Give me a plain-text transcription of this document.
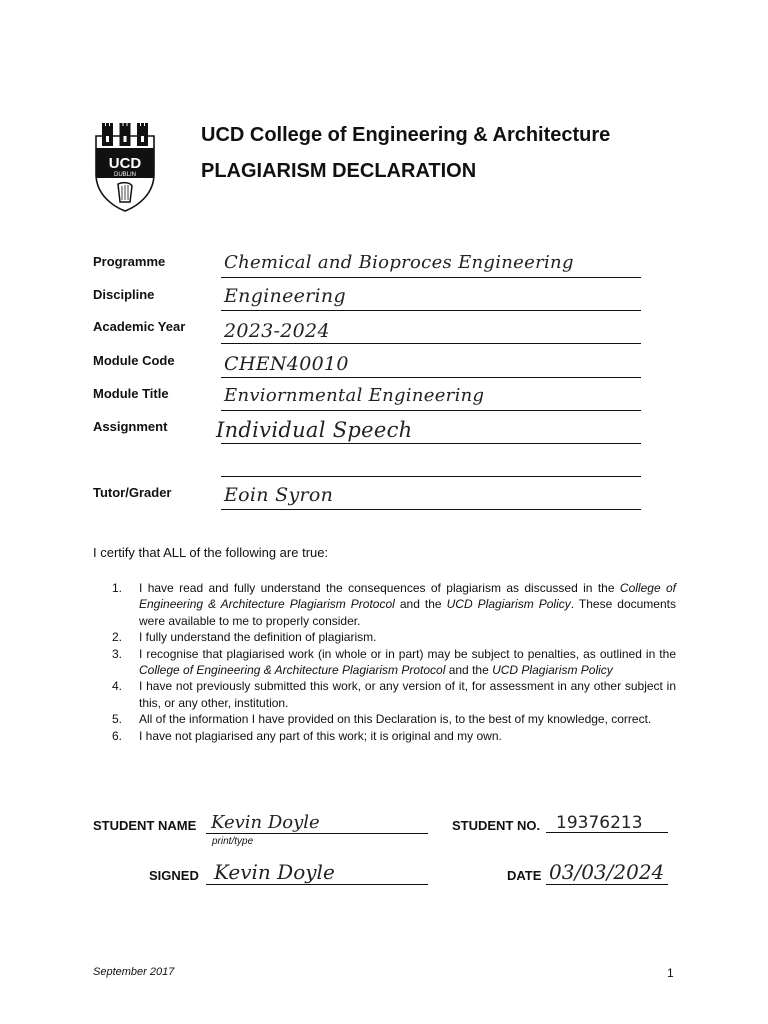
UCD
DUBLIN
UCD College of Engineering & Architecture
PLAGIARISM DECLARATION
Programme	Chemical and Bioproces Engineering
Discipline	Engineering
Academic Year 2023-2024
Module Code	CHEN40010
Module Title	Enviornmental Engineering
Assignment Individual Speech
Tutor/Grader	Eoin Syron
I certify that ALL of the following are true:
1.	I have read and fully understand the consequences of plagiarism as discussed in the College of Engineering & Architecture Plagiarism Protocol and the UCD Plagiarism Policy. These documents were available to me to properly consider.
2.	I fully understand the definition of plagiarism.
3.	I recognise that plagiarised work (in whole or in part) may be subject to penalties, as outlined in the College of Engineering & Architecture Plagiarism Protocol and the UCD Plagiarism Policy
4.	I have not previously submitted this work, or any version of it, for assessment in any other subject in this, or any other, institution.
5.	All of the information I have provided on this Declaration is, to the best of my knowledge, correct.
6.	I have not plagiarised any part of this work; it is original and my own.
STUDENT NAME Kevin Doyle
print/type
STUDENT NO. 19376213
SIGNED Kevin Doyle	DATE 03/03/2024
September 2017	1
